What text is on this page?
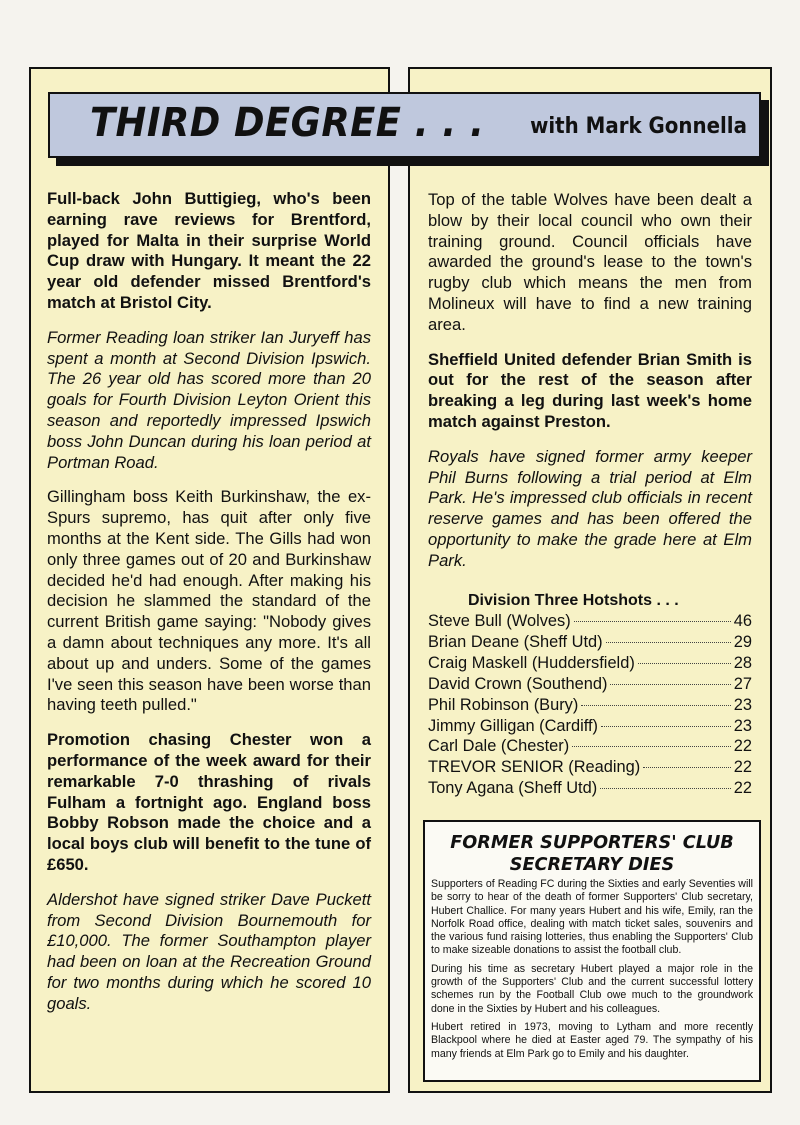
THIRD DEGREE . . . with Mark Gonnella

Full-back John Buttigieg, who's been earning rave reviews for Brentford, played for Malta in their surprise World Cup draw with Hungary. It meant the 22 year old defender missed Brentford's match at Bristol City.

Former Reading loan striker Ian Juryeff has spent a month at Second Division Ipswich. The 26 year old has scored more than 20 goals for Fourth Division Leyton Orient this season and reportedly impressed Ipswich boss John Duncan during his loan period at Portman Road.

Gillingham boss Keith Burkinshaw, the ex-Spurs supremo, has quit after only five months at the Kent side. The Gills had won only three games out of 20 and Burkinshaw decided he'd had enough. After making his decision he slammed the standard of the current British game saying: "Nobody gives a damn about techniques any more. It's all about up and unders. Some of the games I've seen this season have been worse than having teeth pulled."

Promotion chasing Chester won a performance of the week award for their remarkable 7-0 thrashing of rivals Fulham a fortnight ago. England boss Bobby Robson made the choice and a local boys club will benefit to the tune of £650.

Aldershot have signed striker Dave Puckett from Second Division Bournemouth for £10,000. The former Southampton player had been on loan at the Recreation Ground for two months during which he scored 10 goals.

Top of the table Wolves have been dealt a blow by their local council who own their training ground. Council officials have awarded the ground's lease to the town's rugby club which means the men from Molineux will have to find a new training area.

Sheffield United defender Brian Smith is out for the rest of the season after breaking a leg during last week's home match against Preston.

Royals have signed former army keeper Phil Burns following a trial period at Elm Park. He's impressed club officials in recent reserve games and has been offered the opportunity to make the grade here at Elm Park.

Division Three Hotshots . . .
Steve Bull (Wolves)	46
Brian Deane (Sheff Utd)	29
Craig Maskell (Huddersfield)	28
David Crown (Southend)	27
Phil Robinson (Bury)	23
Jimmy Gilligan (Cardiff)	23
Carl Dale (Chester)	22
TREVOR SENIOR (Reading)	22
Tony Agana (Sheff Utd)	22
FORMER SUPPORTERS' CLUB
SECRETARY DIES

Supporters of Reading FC during the Sixties and early Seventies will be sorry to hear of the death of former Supporters' Club secretary, Hubert Challice. For many years Hubert and his wife, Emily, ran the Norfolk Road office, dealing with match ticket sales, souvenirs and the various fund raising lotteries, thus enabling the Supporters' Club to make sizeable donations to assist the football club.

During his time as secretary Hubert played a major role in the growth of the Supporters' Club and the current successful lottery schemes run by the Football Club owe much to the groundwork done in the Sixties by Hubert and his colleagues.

Hubert retired in 1973, moving to Lytham and more recently Blackpool where he died at Easter aged 79. The sympathy of his many friends at Elm Park go to Emily and his daughter.
